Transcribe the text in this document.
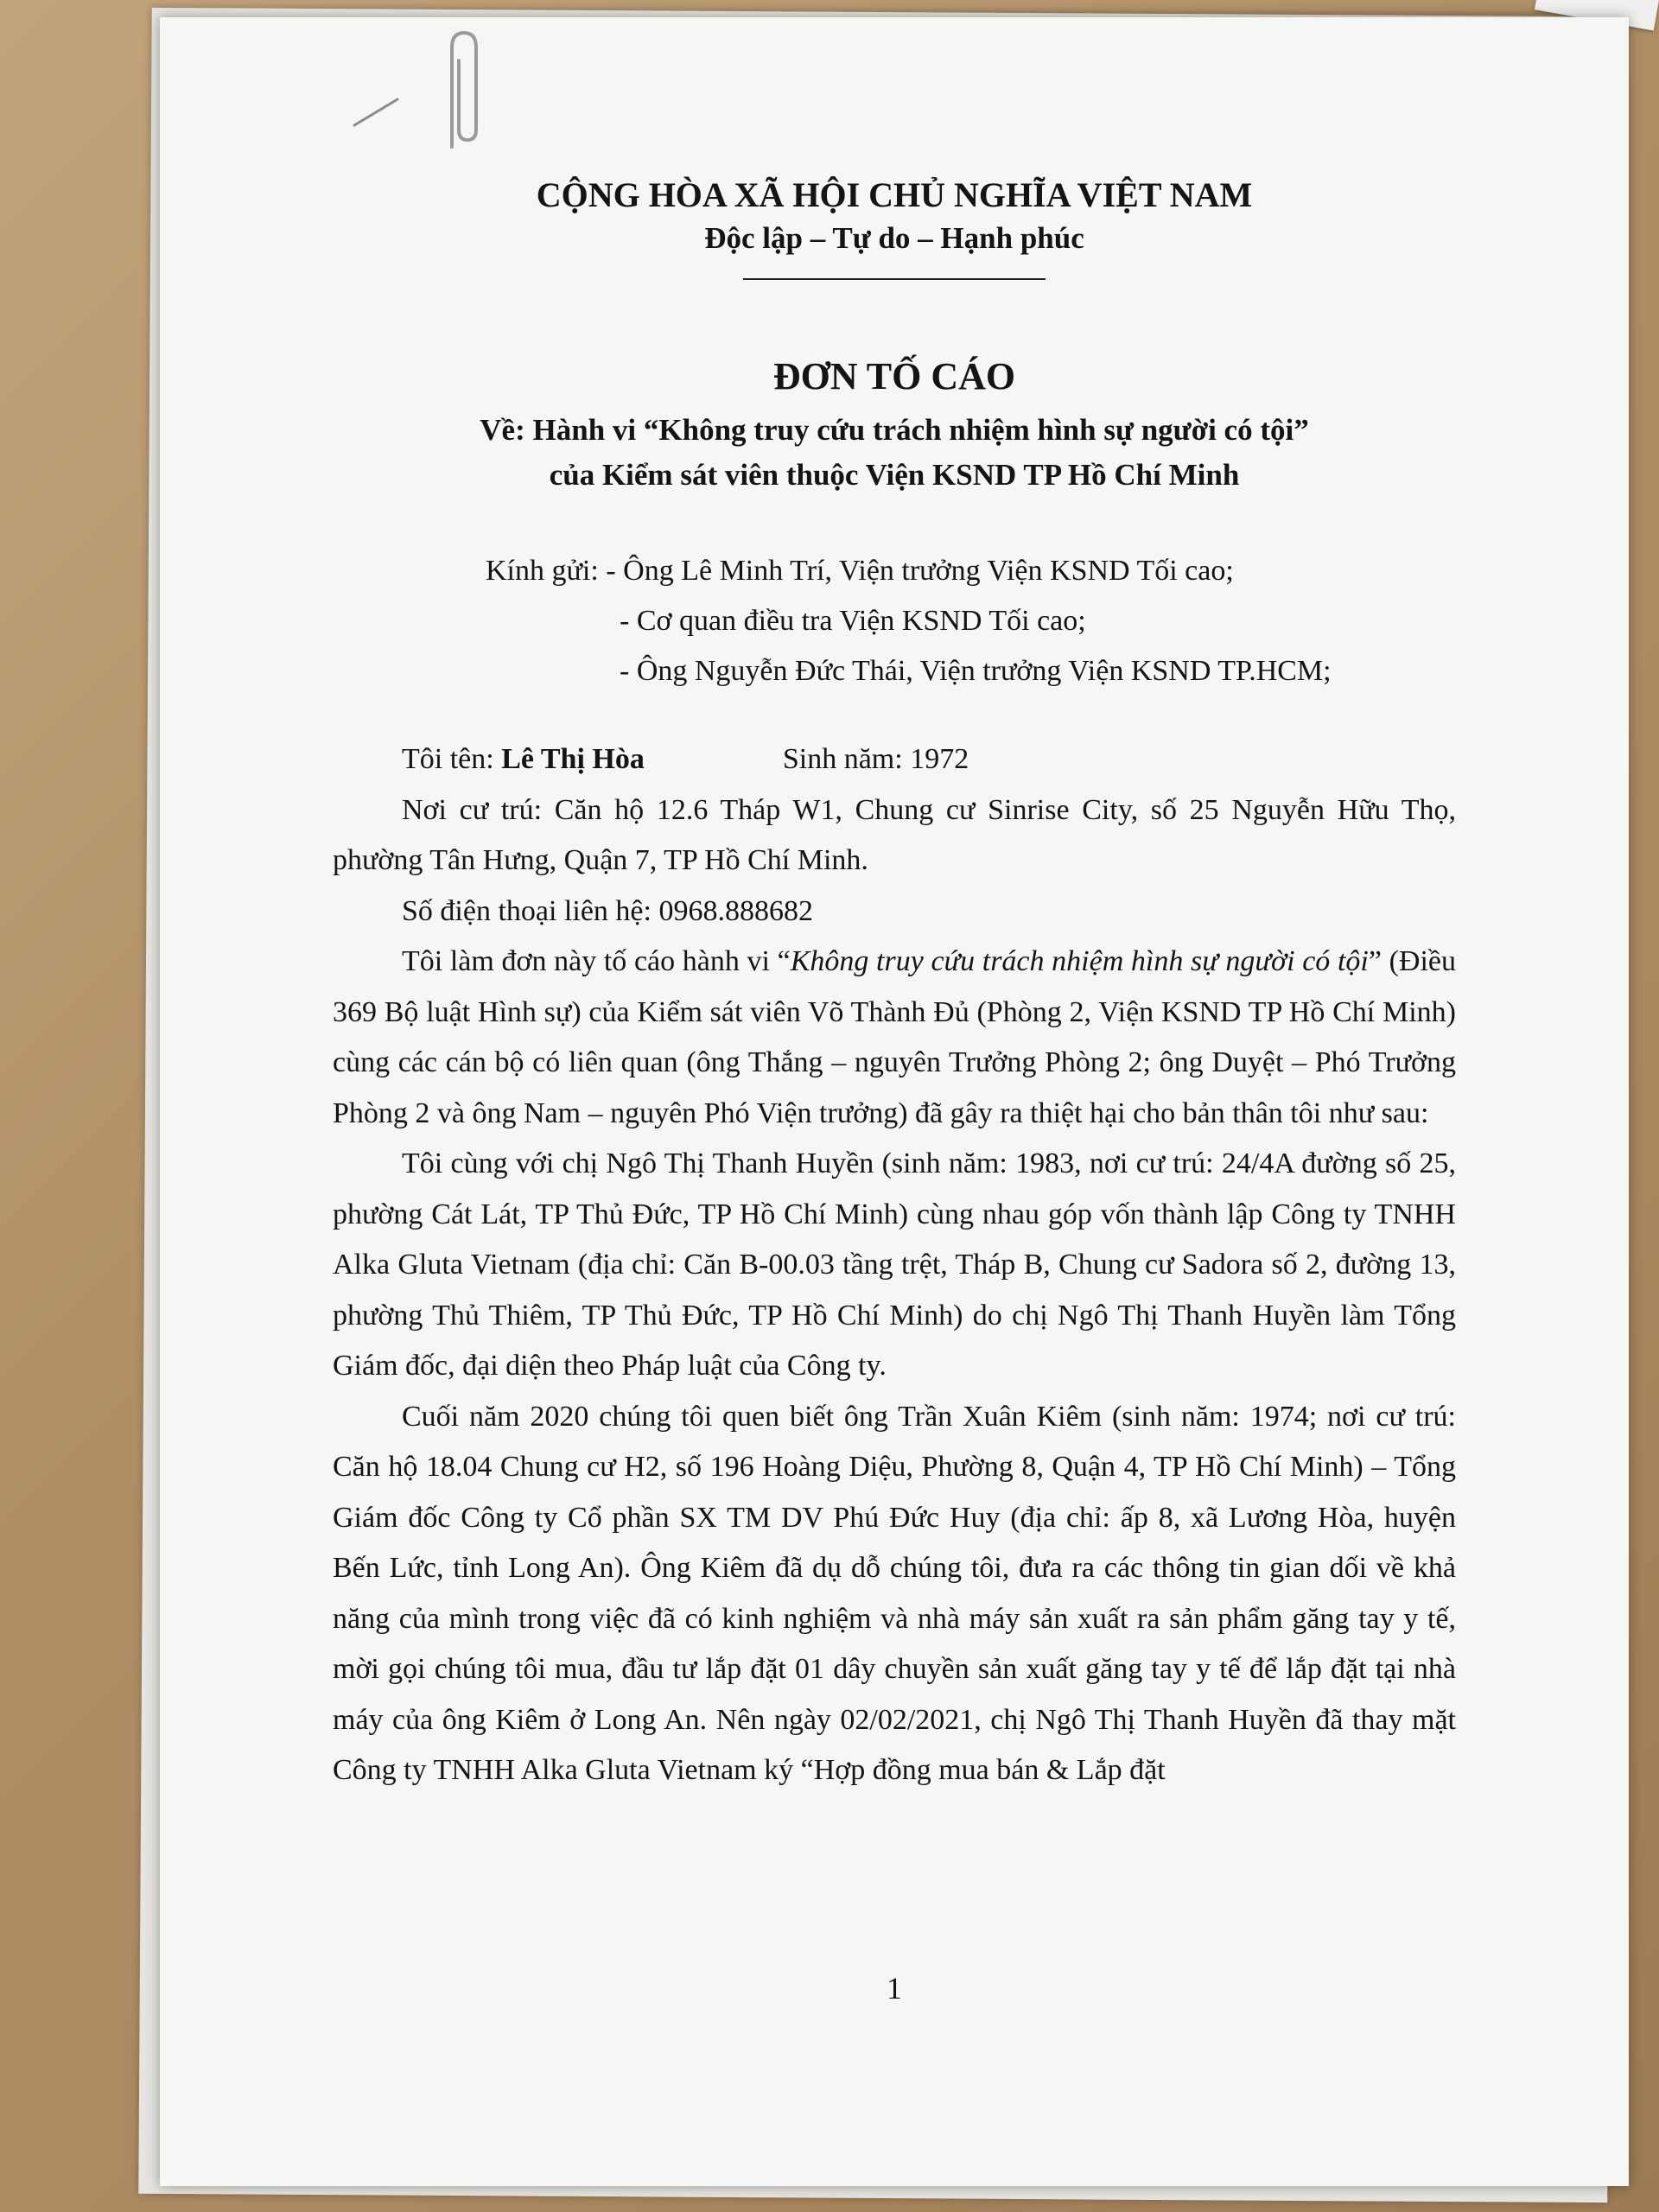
CỘNG HÒA XÃ HỘI CHỦ NGHĨA VIỆT NAM
Độc lập – Tự do – Hạnh phúc
ĐƠN TỐ CÁO
Về: Hành vi “Không truy cứu trách nhiệm hình sự người có tội”
của Kiểm sát viên thuộc Viện KSND TP Hồ Chí Minh
Kính gửi: - Ông Lê Minh Trí, Viện trưởng Viện KSND Tối cao;
- Cơ quan điều tra Viện KSND Tối cao;
- Ông Nguyễn Đức Thái, Viện trưởng Viện KSND TP.HCM;
Tôi tên: Lê Thị Hòa	Sinh năm: 1972

Nơi cư trú: Căn hộ 12.6 Tháp W1, Chung cư Sinrise City, số 25 Nguyễn Hữu Thọ, phường Tân Hưng, Quận 7, TP Hồ Chí Minh.

Số điện thoại liên hệ: 0968.888682

Tôi làm đơn này tố cáo hành vi “Không truy cứu trách nhiệm hình sự người có tội” (Điều 369 Bộ luật Hình sự) của Kiểm sát viên Võ Thành Đủ (Phòng 2, Viện KSND TP Hồ Chí Minh) cùng các cán bộ có liên quan (ông Thắng – nguyên Trưởng Phòng 2; ông Duyệt – Phó Trưởng Phòng 2 và ông Nam – nguyên Phó Viện trưởng) đã gây ra thiệt hại cho bản thân tôi như sau:

Tôi cùng với chị Ngô Thị Thanh Huyền (sinh năm: 1983, nơi cư trú: 24/4A đường số 25, phường Cát Lát, TP Thủ Đức, TP Hồ Chí Minh) cùng nhau góp vốn thành lập Công ty TNHH Alka Gluta Vietnam (địa chỉ: Căn B-00.03 tầng trệt, Tháp B, Chung cư Sadora số 2, đường 13, phường Thủ Thiêm, TP Thủ Đức, TP Hồ Chí Minh) do chị Ngô Thị Thanh Huyền làm Tổng Giám đốc, đại diện theo Pháp luật của Công ty.

Cuối năm 2020 chúng tôi quen biết ông Trần Xuân Kiêm (sinh năm: 1974; nơi cư trú: Căn hộ 18.04 Chung cư H2, số 196 Hoàng Diệu, Phường 8, Quận 4, TP Hồ Chí Minh) – Tổng Giám đốc Công ty Cổ phần SX TM DV Phú Đức Huy (địa chỉ: ấp 8, xã Lương Hòa, huyện Bến Lức, tỉnh Long An). Ông Kiêm đã dụ dỗ chúng tôi, đưa ra các thông tin gian dối về khả năng của mình trong việc đã có kinh nghiệm và nhà máy sản xuất ra sản phẩm găng tay y tế, mời gọi chúng tôi mua, đầu tư lắp đặt 01 dây chuyền sản xuất găng tay y tế để lắp đặt tại nhà máy của ông Kiêm ở Long An. Nên ngày 02/02/2021, chị Ngô Thị Thanh Huyền đã thay mặt Công ty TNHH Alka Gluta Vietnam ký “Hợp đồng mua bán & Lắp đặt

1
